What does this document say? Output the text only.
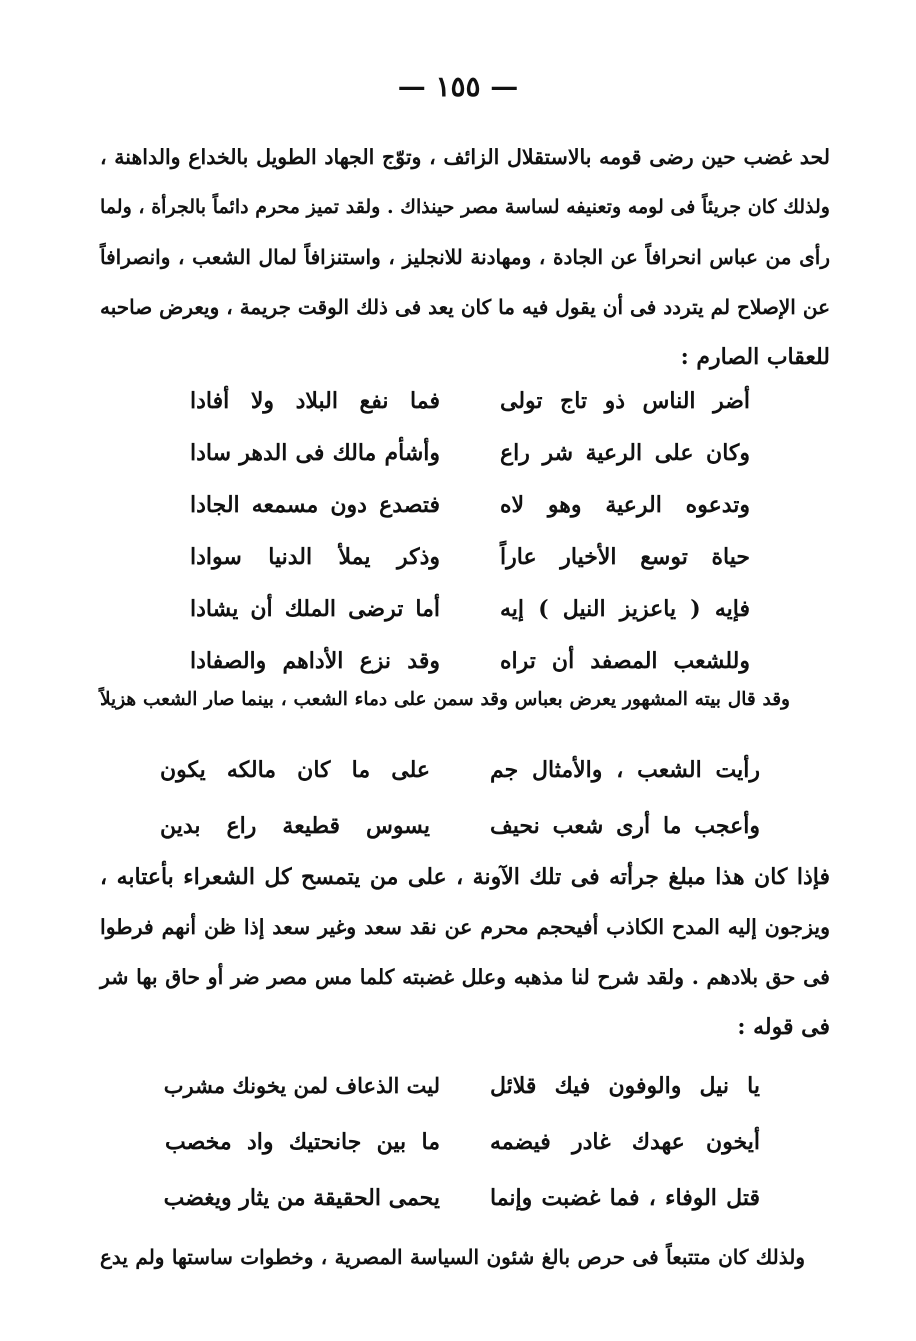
— ١٥٥ —
لحد غضب حين رضى قومه بالاستقلال الزائف ، وتوّج الجهاد الطويل بالخداع والداهنة ،
ولذلك كان جريئاً فى لومه وتعنيفه لساسة مصر حينذاك . ولقد تميز محرم دائماً بالجرأة ، ولما
رأى من عباس انحرافاً عن الجادة ، ومهادنة للانجليز ، واستنزافاً لمال الشعب ، وانصرافاً
عن الإصلاح لم يتردد فى أن يقول فيه ما كان يعد فى ذلك الوقت جريمة ، ويعرض صاحبه
للعقاب الصارم :
أضر الناس ذو تاج تولى
فما نفع البلاد ولا أفادا
وكان على الرعية شر راع
وأشأم مالك فى الدهر سادا
وتدعوه الرعية وهو لاه
فتصدع دون مسمعه الجادا
حياة توسع الأخيار عاراً
وذكر يملأ الدنيا سوادا
فإيه ( ياعزيز النيل ) إيه
أما ترضى الملك أن يشادا
وللشعب المصفد أن تراه
وقد نزع الأداهم والصفادا
وقد قال بيته المشهور يعرض بعباس وقد سمن على دماء الشعب ، بينما صار الشعب هزيلاً
رأيت الشعب ، والأمثال جم
على ما كان مالكه يكون
وأعجب ما أرى شعب نحيف
يسوس قطيعة راع بدين
فإذا كان هذا مبلغ جرأته فى تلك الآونة ، على من يتمسح كل الشعراء بأعتابه ،
ويزجون إليه المدح الكاذب أفيحجم محرم عن نقد سعد وغير سعد إذا ظن أنهم فرطوا
فى حق بلادهم . ولقد شرح لنا مذهبه وعلل غضبته كلما مس مصر ضر أو حاق بها شر
فى قوله :
يا نيل والوفون فيك قلائل
ليت الذعاف لمن يخونك مشرب
أيخون عهدك غادر فيضمه
ما بين جانحتيك واد مخصب
قتل الوفاء ، فما غضبت وإنما
يحمى الحقيقة من يثار ويغضب
ولذلك كان متتبعاً فى حرص بالغ شئون السياسة المصرية ، وخطوات ساستها ولم يدع
